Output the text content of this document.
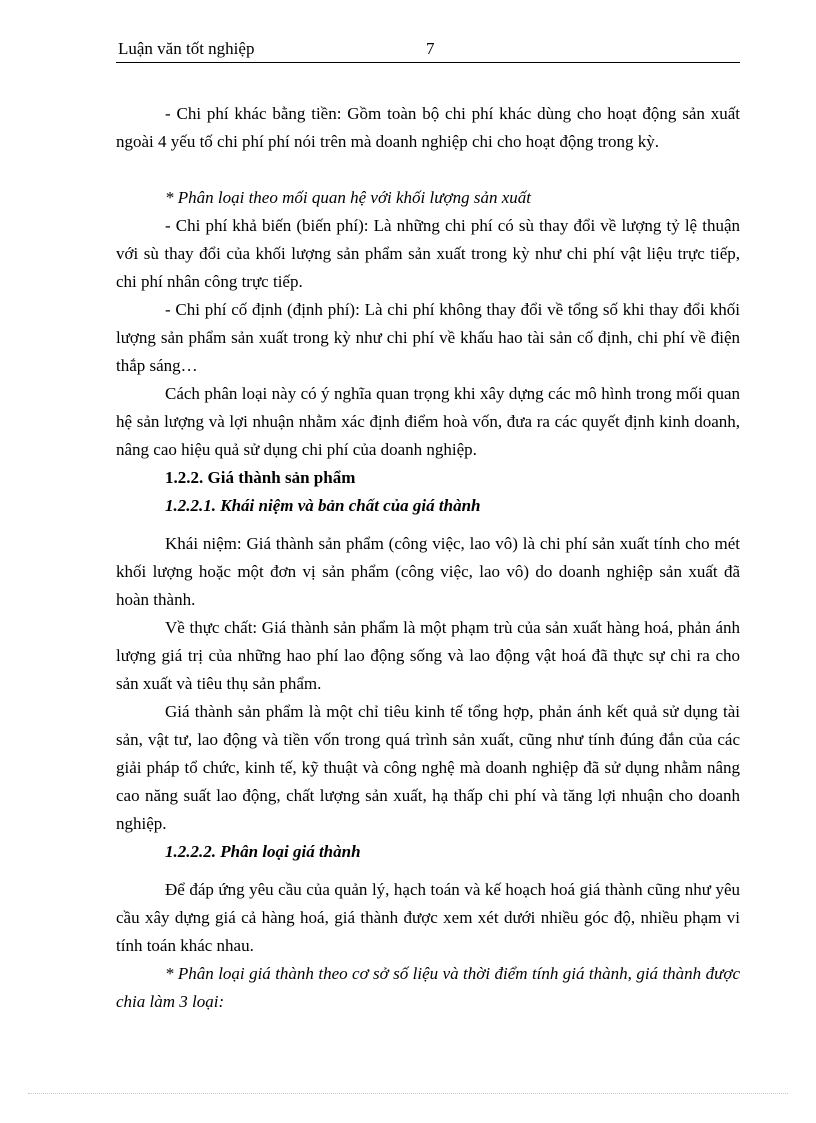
Luận văn tốt nghiệp	7

- Chi phí khác bằng tiền: Gồm toàn bộ chi phí khác dùng cho hoạt động sản xuất ngoài 4 yếu tố chi phí phí nói trên mà doanh nghiệp chi cho hoạt động trong kỳ.

* Phân loại theo mối quan hệ với khối lượng sản xuất

- Chi phí khả biến (biến phí): Là những chi phí có sù thay đổi về lượng tỷ lệ thuận với sù thay đổi của khối lượng sản phẩm sản xuất trong kỳ như chi phí vật liệu trực tiếp, chi phí nhân công trực tiếp.

- Chi phí cố định (định phí): Là chi phí không thay đổi về tổng số khi thay đổi khối lượng sản phẩm sản xuất trong kỳ như chi phí về khấu hao tài sản cố định, chi phí về điện thắp sáng…

Cách phân loại này có ý nghĩa quan trọng khi xây dựng các mô hình trong mối quan hệ sản lượng và lợi nhuận nhằm xác định điểm hoà vốn, đưa ra các quyết định kinh doanh, nâng cao hiệu quả sử dụng chi phí của doanh nghiệp.

1.2.2. Giá thành sản phẩm

1.2.2.1. Khái niệm và bản chất của giá thành

Khái niệm: Giá thành sản phẩm (công việc, lao vô) là chi phí sản xuất tính cho mét khối lượng hoặc một đơn vị sản phẩm (công việc, lao vô) do doanh nghiệp sản xuất đã hoàn thành.

Về thực chất: Giá thành sản phẩm là một phạm trù của sản xuất hàng hoá, phản ánh lượng giá trị của những hao phí lao động sống và lao động vật hoá đã thực sự chi ra cho sản xuất và tiêu thụ sản phẩm.

Giá thành sản phẩm là một chỉ tiêu kinh tế tổng hợp, phản ánh kết quả sử dụng tài sản, vật tư, lao động và tiền vốn trong quá trình sản xuất, cũng như tính đúng đắn của các giải pháp tổ chức, kinh tế, kỹ thuật và công nghệ mà doanh nghiệp đã sử dụng nhằm nâng cao năng suất lao động, chất lượng sản xuất, hạ thấp chi phí và tăng lợi nhuận cho doanh nghiệp.

1.2.2.2. Phân loại giá thành

Để đáp ứng yêu cầu của quản lý, hạch toán và kế hoạch hoá giá thành cũng như yêu cầu xây dựng giá cả hàng hoá, giá thành được xem xét dưới nhiều góc độ, nhiều phạm vi tính toán khác nhau.

* Phân loại giá thành theo cơ sở số liệu và thời điểm tính giá thành, giá thành được chia làm 3 loại:
